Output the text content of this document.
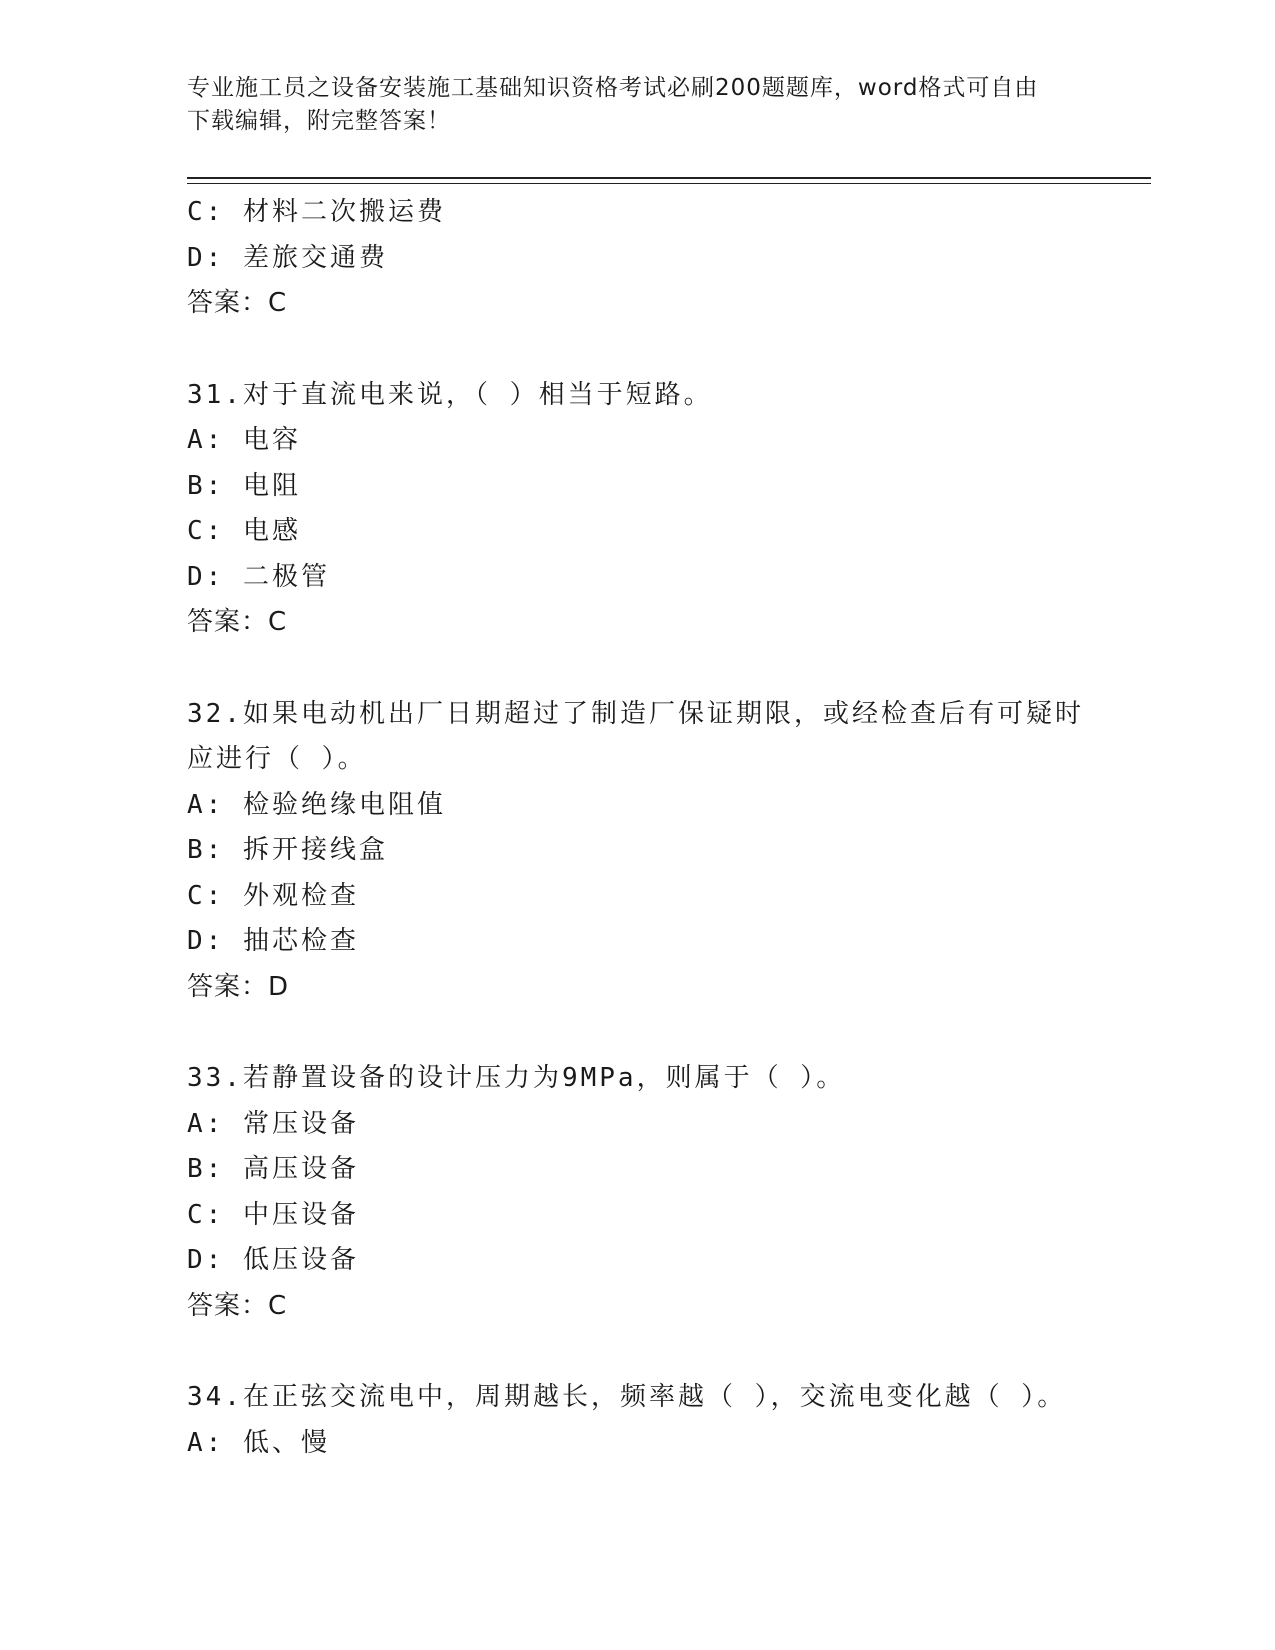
专业施工员之设备安装施工基础知识资格考试必刷200题题库，word格式可自由
下载编辑，附完整答案！
C: 材料二次搬运费
D: 差旅交通费
答案：C
31.对于直流电来说，（ ）相当于短路。
A: 电容
B: 电阻
C: 电感
D: 二极管
答案：C
32.如果电动机出厂日期超过了制造厂保证期限，或经检查后有可疑时
应进行（ ）。
A: 检验绝缘电阻值
B: 拆开接线盒
C: 外观检查
D: 抽芯检查
答案：D
33.若静置设备的设计压力为9MPa，则属于（ ）。
A: 常压设备
B: 高压设备
C: 中压设备
D: 低压设备
答案：C
34.在正弦交流电中，周期越长，频率越（ ），交流电变化越（ ）。
A: 低、慢
